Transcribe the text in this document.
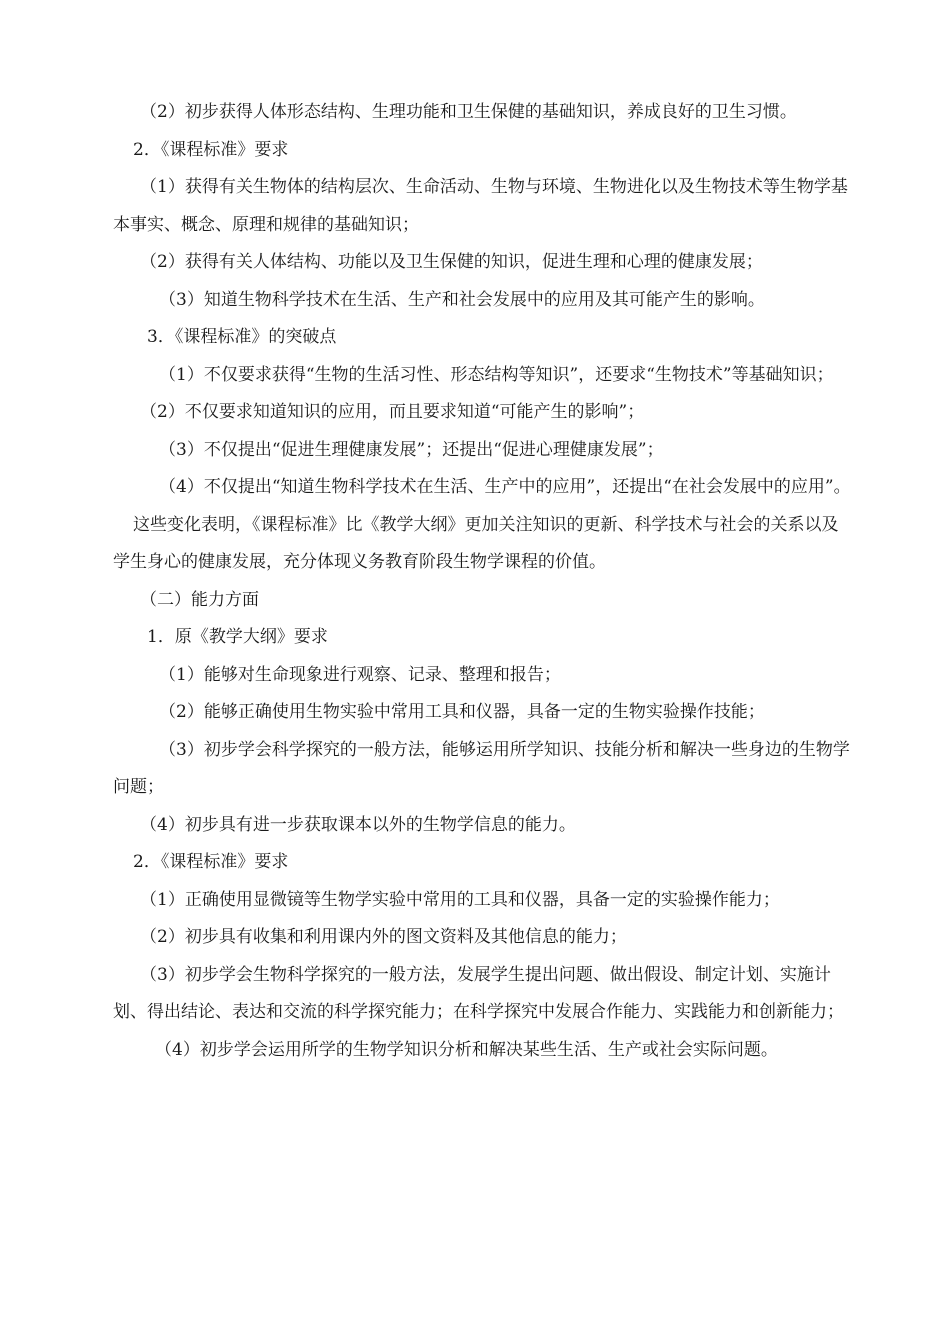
（2）初步获得人体形态结构、生理功能和卫生保健的基础知识，养成良好的卫生习惯。

2．《课程标准》要求

（1）获得有关生物体的结构层次、生命活动、生物与环境、生物进化以及生物技术等生物学基本事实、概念、原理和规律的基础知识；

（2）获得有关人体结构、功能以及卫生保健的知识，促进生理和心理的健康发展；

（3）知道生物科学技术在生活、生产和社会发展中的应用及其可能产生的影响。

3．《课程标准》的突破点

（1）不仅要求获得“生物的生活习性、形态结构等知识”，还要求“生物技术”等基础知识；

（2）不仅要求知道知识的应用，而且要求知道“可能产生的影响”；

（3）不仅提出“促进生理健康发展”；还提出“促进心理健康发展”；

（4）不仅提出“知道生物科学技术在生活、生产中的应用”，还提出“在社会发展中的应用”。

这些变化表明，《课程标准》比《教学大纲》更加关注知识的更新、科学技术与社会的关系以及学生身心的健康发展，充分体现义务教育阶段生物学课程的价值。

（二）能力方面

1．原《教学大纲》要求

（1）能够对生命现象进行观察、记录、整理和报告；

（2）能够正确使用生物实验中常用工具和仪器，具备一定的生物实验操作技能；

（3）初步学会科学探究的一般方法，能够运用所学知识、技能分析和解决一些身边的生物学问题；

（4）初步具有进一步获取课本以外的生物学信息的能力。

2．《课程标准》要求

（1）正确使用显微镜等生物学实验中常用的工具和仪器，具备一定的实验操作能力；

（2）初步具有收集和利用课内外的图文资料及其他信息的能力；

（3）初步学会生物科学探究的一般方法，发展学生提出问题、做出假设、制定计划、实施计划、得出结论、表达和交流的科学探究能力；在科学探究中发展合作能力、实践能力和创新能力；

（4）初步学会运用所学的生物学知识分析和解决某些生活、生产或社会实际问题。
